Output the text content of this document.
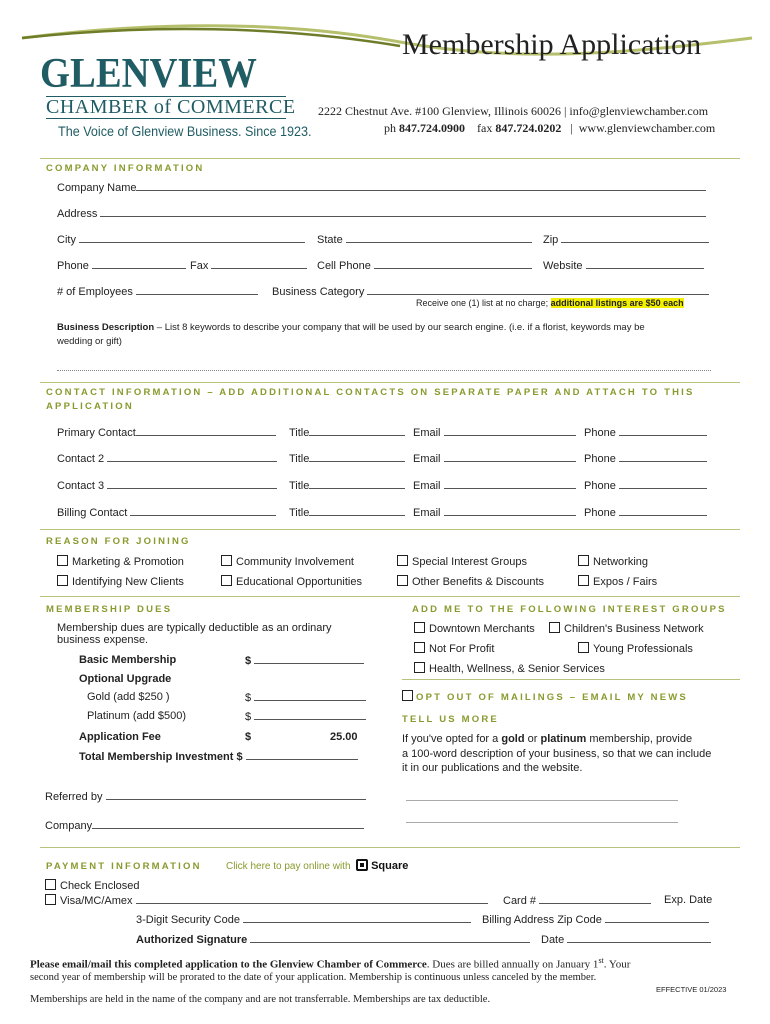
Membership Application
GLENVIEW
CHAMBER of COMMERCE
The Voice of Glenview Business. Since 1923.
2222 Chestnut Ave. #100 Glenview, Illinois 60026 | info@glenviewchamber.com
ph 847.724.0900 fax 847.724.0202   |  www.glenviewchamber.com
COMPANY INFORMATION
Company Name
Address
City	State	Zip
Phone	Fax	Cell Phone	Website
# of Employees	Business Category
Receive one (1) list at no charge; additional listings are $50 each
Business Description – List 8 keywords to describe your company that will be used by our search engine. (i.e. if a florist, keywords may be
wedding or gift)
CONTACT INFORMATION – ADD ADDITIONAL CONTACTS ON SEPARATE PAPER AND ATTACH TO THIS
APPLICATION
Primary Contact	Title	Email	Phone
Contact 2	Title	Email	Phone
Contact 3	Title	Email	Phone
Billing Contact	Title	Email	Phone
REASON FOR JOINING
Marketing & Promotion	Community Involvement	Special Interest Groups	Networking
Identifying New Clients	Educational Opportunities	Other Benefits & Discounts	Expos / Fairs
MEMBERSHIP DUES
Membership dues are typically deductible as an ordinary
business expense.
Basic Membership	$
Optional Upgrade
Gold (add $250 )	$
Platinum (add $500)	$
Application Fee	$	25.00
Total Membership Investment $
Referred by
Company
ADD ME TO THE FOLLOWING INTEREST GROUPS
Downtown Merchants	Children's Business Network
Not For Profit	Young Professionals
Health, Wellness, & Senior Services
OPT OUT OF MAILINGS – EMAIL MY NEWS
TELL US MORE
If you've opted for a gold or platinum membership, provide
a 100-word description of your business, so that we can include
it in our publications and the website.
PAYMENT INFORMATION Click here to pay online with Square
Check Enclosed
Visa/MC/Amex	Card #	Exp. Date
3-Digit Security Code	Billing Address Zip Code
Authorized Signature	Date
Please email/mail this completed application to the Glenview Chamber of Commerce. Dues are billed annually on January 1st. Your
second year of membership will be prorated to the date of your application. Membership is continuous unless canceled by the member.
EFFECTIVE 01/2023
Memberships are held in the name of the company and are not transferrable. Memberships are tax deductible.
